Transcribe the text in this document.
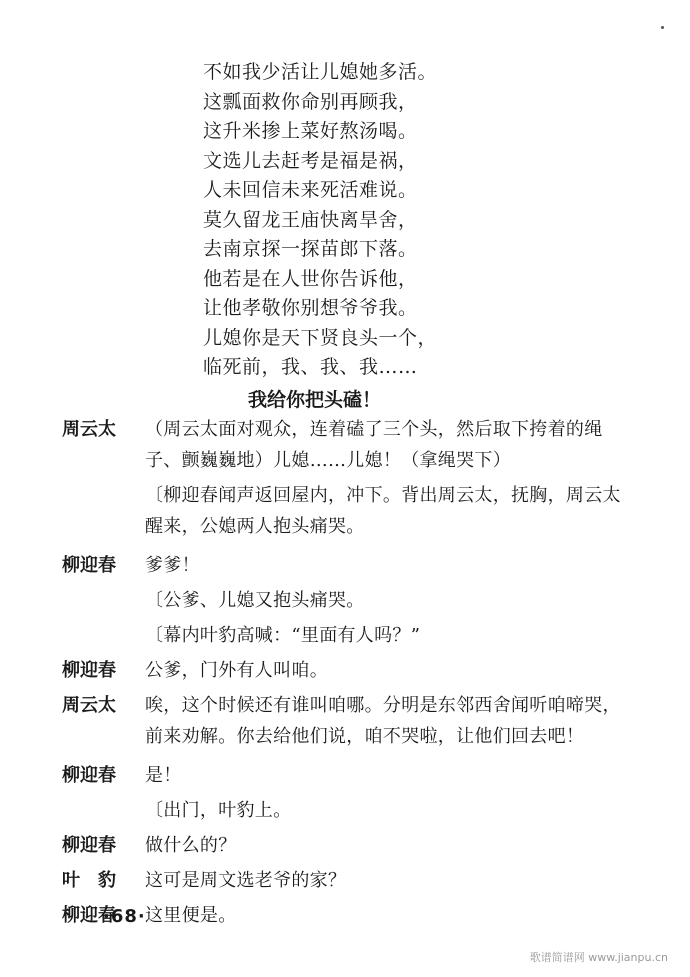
不如我少活让儿媳她多活。
这瓢面救你命别再顾我，
这升米掺上菜好熬汤喝。
文选儿去赶考是福是祸，
人未回信未来死活难说。
莫久留龙王庙快离旱舍，
去南京探一探苗郎下落。
他若是在人世你告诉他，
让他孝敬你别想爷爷我。
儿媳你是天下贤良头一个，
临死前，我、我、我……
我给你把头磕！
周云太	（周云太面对观众，连着磕了三个头，然后取下挎着的绳子、颤巍巍地）儿媳……儿媳！（拿绳哭下）
〔柳迎春闻声返回屋内，冲下。背出周云太，抚胸，周云太醒来，公媳两人抱头痛哭。
柳迎春	爹爹！
〔公爹、儿媳又抱头痛哭。
〔幕内叶豹高喊：“里面有人吗？”
柳迎春	公爹，门外有人叫咱。
周云太	唉，这个时候还有谁叫咱哪。分明是东邻西舍闻听咱啼哭，前来劝解。你去给他们说，咱不哭啦，让他们回去吧！
柳迎春	是！
〔出门，叶豹上。
柳迎春	做什么的？
叶　豹	这可是周文选老爷的家？
柳迎春	这里便是。
·68·
歌谱简谱网 www.jianpu.cn
